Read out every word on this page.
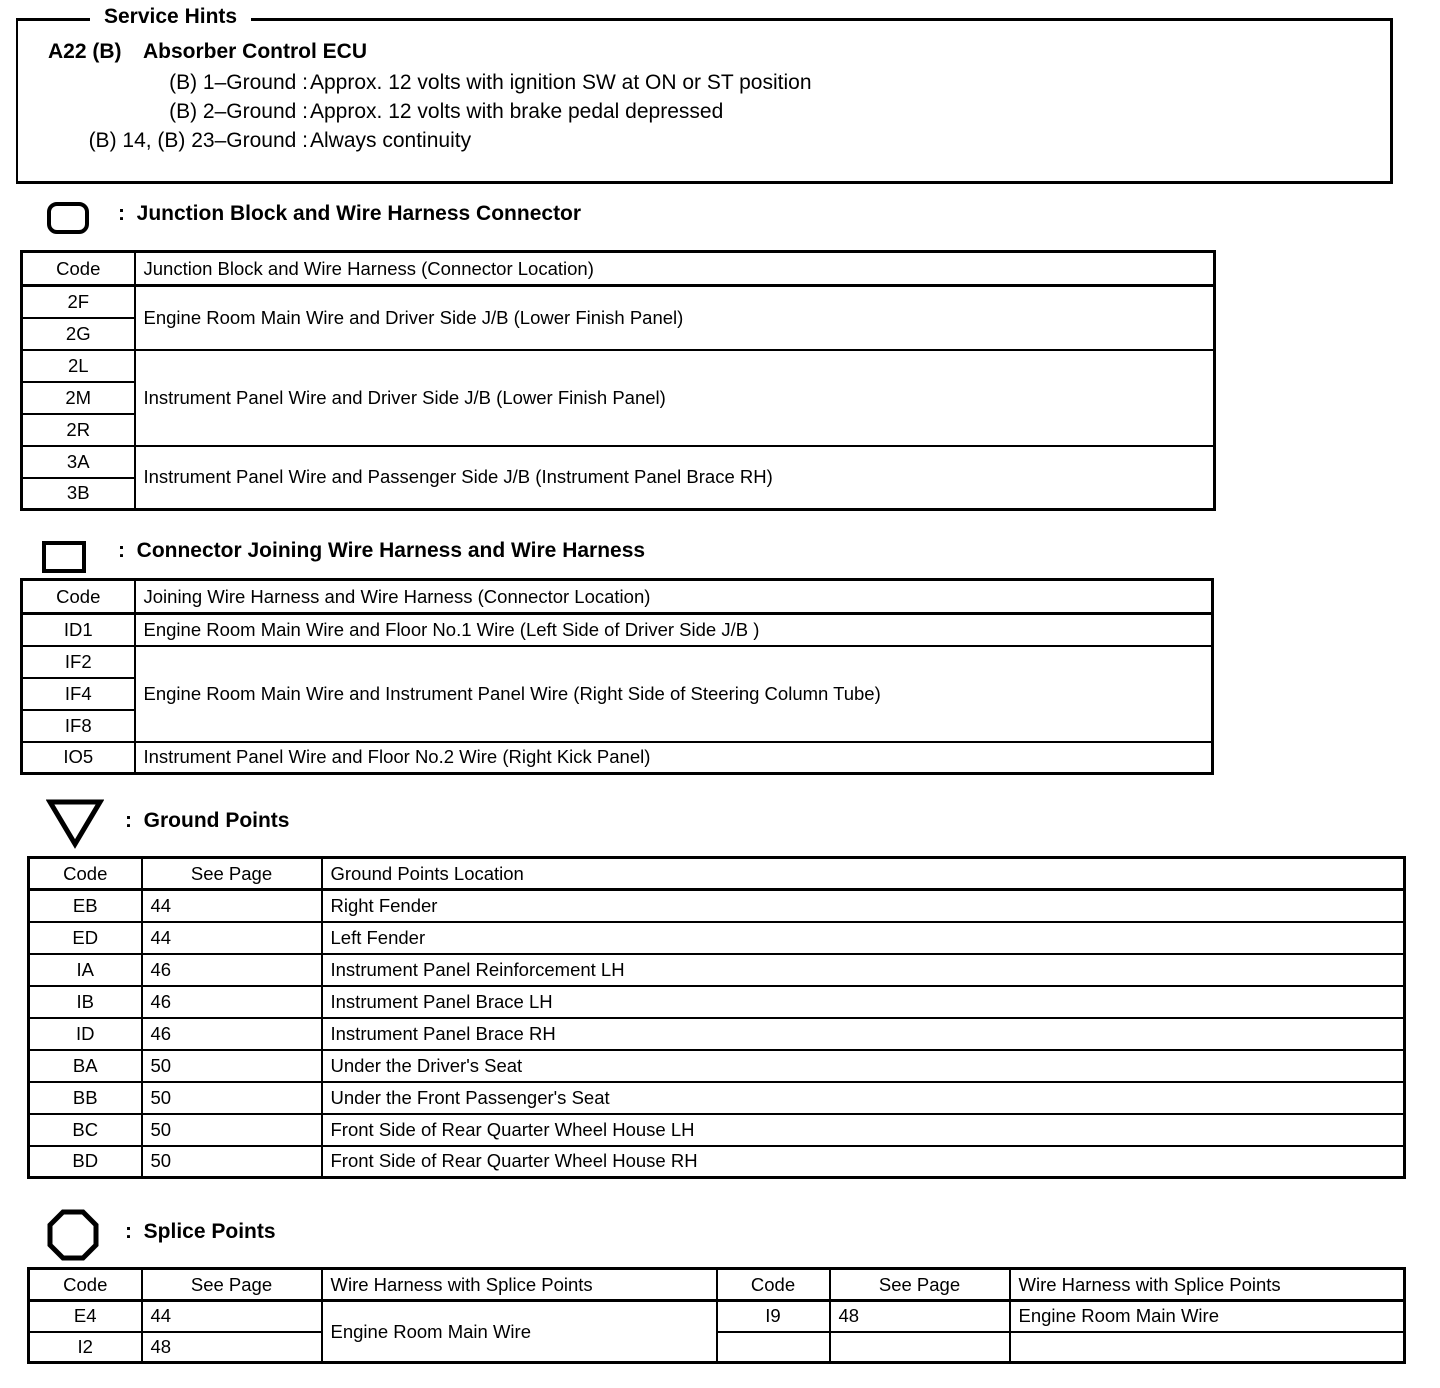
Service Hints
A22 (B) Absorber Control ECU
(B) 1–Ground : Approx. 12 volts with ignition SW at ON or ST position
(B) 2–Ground : Approx. 12 volts with brake pedal depressed
(B) 14, (B) 23–Ground : Always continuity
:  Junction Block and Wire Harness Connector
Code	Junction Block and Wire Harness (Connector Location)
2F	Engine Room Main Wire and Driver Side J/B (Lower Finish Panel)
2G	
2L	Instrument Panel Wire and Driver Side J/B (Lower Finish Panel)
2M	
2R	
3A	Instrument Panel Wire and Passenger Side J/B (Instrument Panel Brace RH)
3B	
:  Connector Joining Wire Harness and Wire Harness
Code	Joining Wire Harness and Wire Harness (Connector Location)
ID1	Engine Room Main Wire and Floor No.1 Wire (Left Side of Driver Side J/B )
IF2	Engine Room Main Wire and Instrument Panel Wire (Right Side of Steering Column Tube)
IF4	
IF8	
IO5	Instrument Panel Wire and Floor No.2 Wire (Right Kick Panel)
:  Ground Points
Code	See Page	Ground Points Location
EB	44	Right Fender
ED	44	Left Fender
IA	46	Instrument Panel Reinforcement LH
IB	46	Instrument Panel Brace LH
ID	46	Instrument Panel Brace RH
BA	50	Under the Driver's Seat
BB	50	Under the Front Passenger's Seat
BC	50	Front Side of Rear Quarter Wheel House LH
BD	50	Front Side of Rear Quarter Wheel House RH
:  Splice Points
Code	See Page	Wire Harness with Splice Points	Code	See Page	Wire Harness with Splice Points
E4	44	Engine Room Main Wire	I9	48	Engine Room Main Wire
I2	48				
